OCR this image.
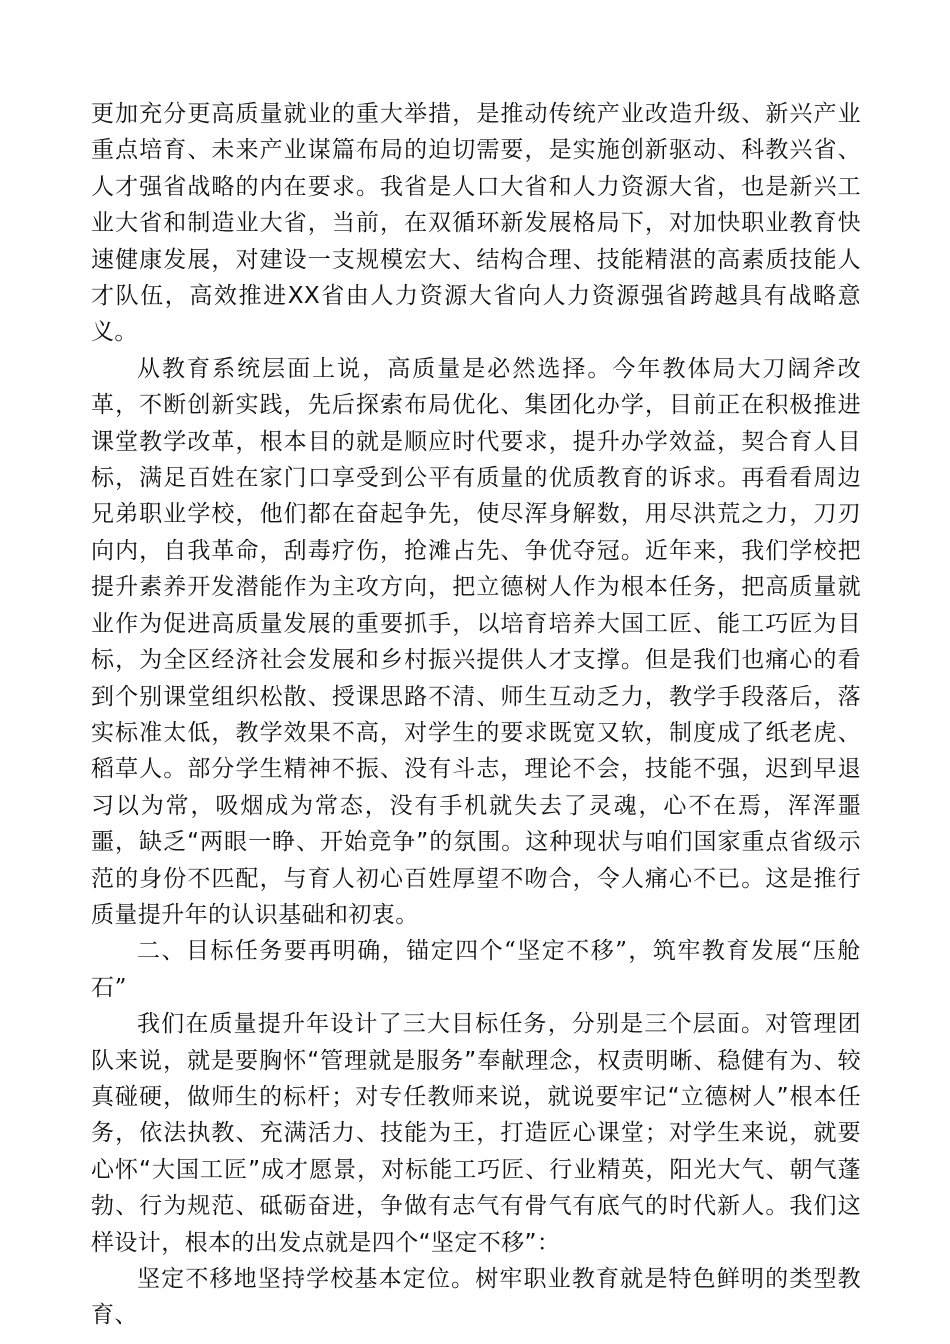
更加充分更高质量就业的重大举措，是推动传统产业改造升级、新兴产业重点培育、未来产业谋篇布局的迫切需要，是实施创新驱动、科教兴省、人才强省战略的内在要求。我省是人口大省和人力资源大省，也是新兴工业大省和制造业大省，当前，在双循环新发展格局下，对加快职业教育快速健康发展，对建设一支规模宏大、结构合理、技能精湛的高素质技能人才队伍，高效推进XX省由人力资源大省向人力资源强省跨越具有战略意义。

从教育系统层面上说，高质量是必然选择。今年教体局大刀阔斧改革，不断创新实践，先后探索布局优化、集团化办学，目前正在积极推进课堂教学改革，根本目的就是顺应时代要求，提升办学效益，契合育人目标，满足百姓在家门口享受到公平有质量的优质教育的诉求。再看看周边兄弟职业学校，他们都在奋起争先，使尽浑身解数，用尽洪荒之力，刀刃向内，自我革命，刮毒疗伤，抢滩占先、争优夺冠。近年来，我们学校把提升素养开发潜能作为主攻方向，把立德树人作为根本任务，把高质量就业作为促进高质量发展的重要抓手，以培育培养大国工匠、能工巧匠为目标，为全区经济社会发展和乡村振兴提供人才支撑。但是我们也痛心的看到个别课堂组织松散、授课思路不清、师生互动乏力，教学手段落后，落实标准太低，教学效果不高，对学生的要求既宽又软，制度成了纸老虎、稻草人。部分学生精神不振、没有斗志，理论不会，技能不强，迟到早退习以为常，吸烟成为常态，没有手机就失去了灵魂，心不在焉，浑浑噩噩，缺乏“两眼一睁、开始竞争”的氛围。这种现状与咱们国家重点省级示范的身份不匹配，与育人初心百姓厚望不吻合，令人痛心不已。这是推行质量提升年的认识基础和初衷。

二、目标任务要再明确，锚定四个“坚定不移”，筑牢教育发展“压舱石”

我们在质量提升年设计了三大目标任务，分别是三个层面。对管理团队来说，就是要胸怀“管理就是服务”奉献理念，权责明晰、稳健有为、较真碰硬，做师生的标杆；对专任教师来说，就说要牢记“立德树人”根本任务，依法执教、充满活力、技能为王，打造匠心课堂；对学生来说，就要心怀“大国工匠”成才愿景，对标能工巧匠、行业精英，阳光大气、朝气蓬勃、行为规范、砥砺奋进，争做有志气有骨气有底气的时代新人。我们这样设计，根本的出发点就是四个“坚定不移”：

坚定不移地坚持学校基本定位。树牢职业教育就是特色鲜明的类型教育、
